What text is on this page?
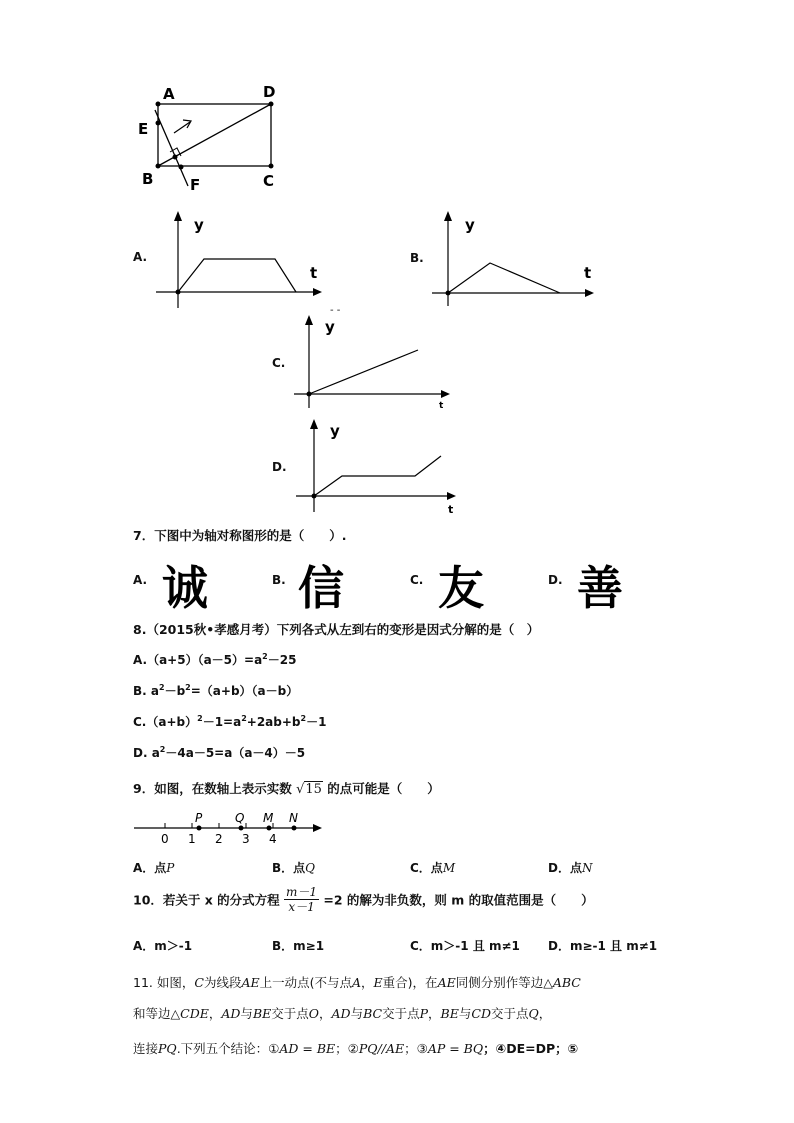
A	D
E
B F	C
A.
y
t
B.
y
t
- -
C.
y
t
D.
y
t
7．下图中为轴对称图形的是（　　）.
A. 诚	B. 信	C. 友	D. 善
8.（2015秋•孝感月考）下列各式从左到右的变形是因式分解的是（　）
$A.(a+5)(a-5)=a^2-25$
B. $a^2-b^2=(a+b)(a-b)$
$C.(a+b)^2-1=a^2+2ab+b^2-1$
D. $a^2-4a-5=a(a-4)-5$
9．如图，在数轴上表示实数 √15 的点可能是（　　）
0 1 2 3 4
P	Q M N
A．点P	B．点Q	C．点M	D．点N
10．若关于 x 的分式方程 $\frac{m-1}{x-1} =2$ 的解为非负数，则 m 的取值范围是（　　）
A．m＞-1	B．m≥1	C．m＞-1 且 m≠1 D．m≥-1 且 m≠1
11. 如图，C为线段AE上一动点(不与点A，E重合)，在AE同侧分别作等边△ABC
和等边△CDE，AD与BE交于点O，AD与BC交于点P，BE与CD交于点Q，
连接PQ.下列五个结论：①AD = BE；②PQ//AE；③AP = BQ；④DE=DP；⑤
